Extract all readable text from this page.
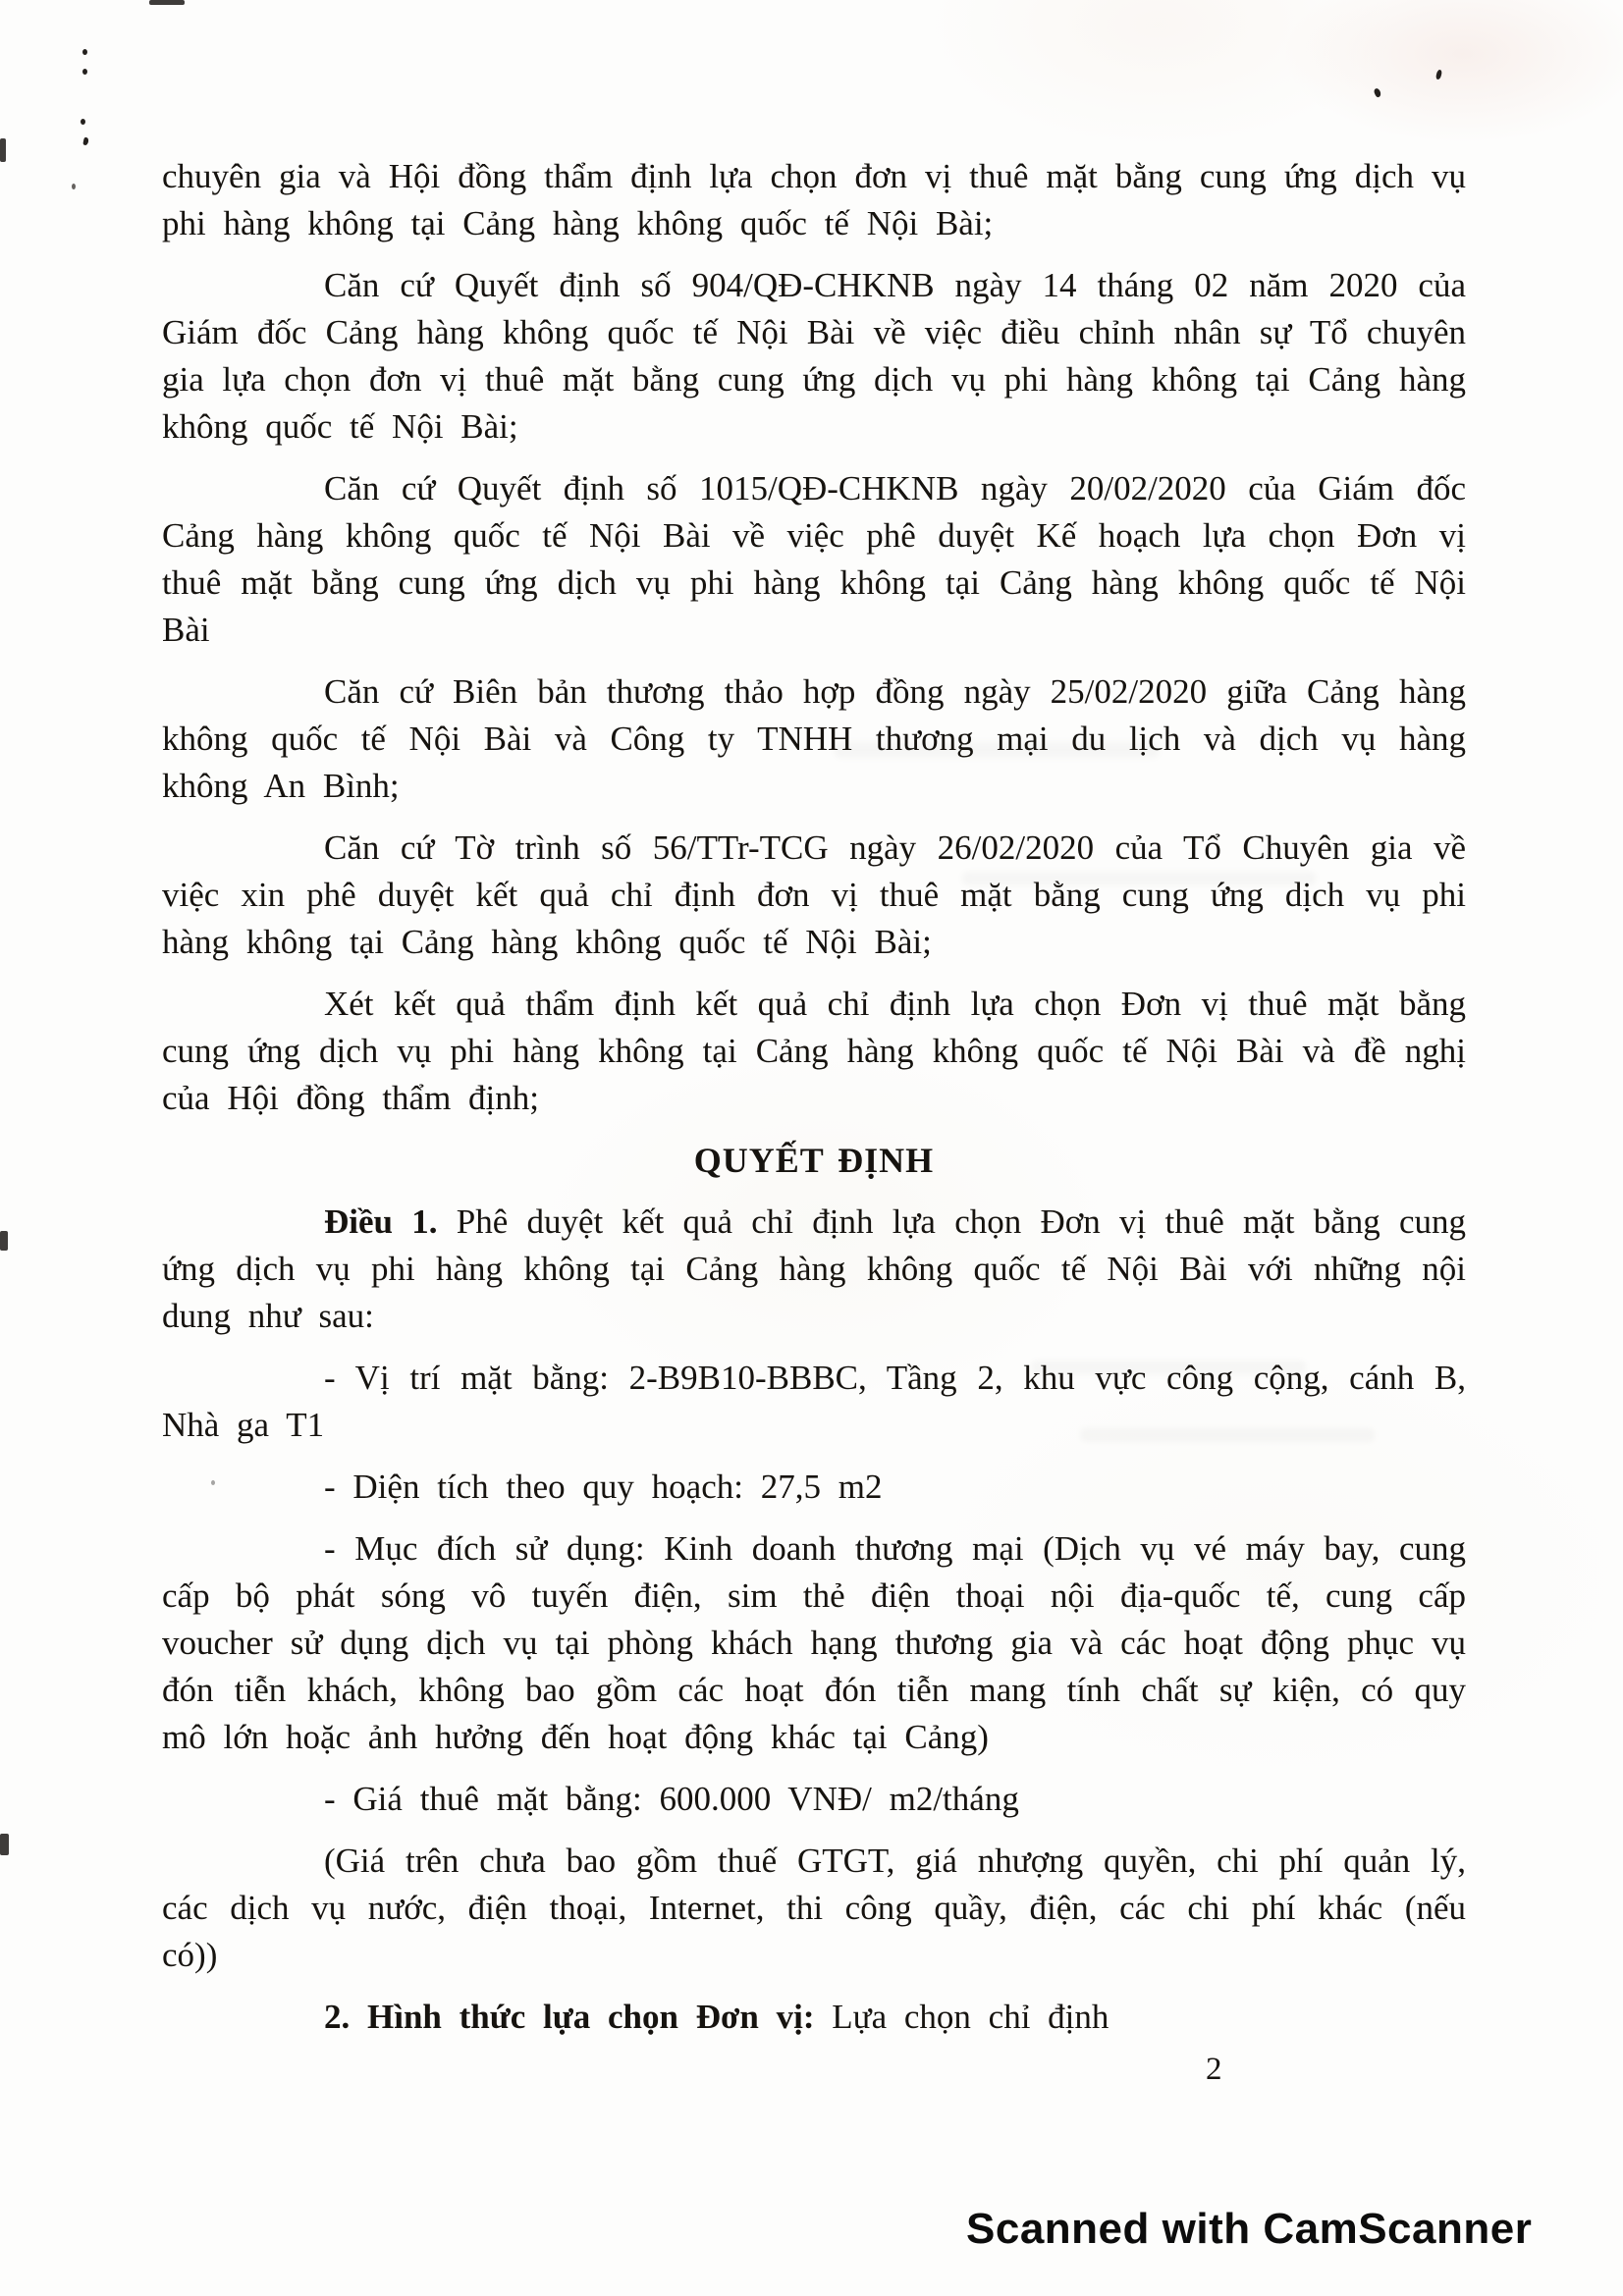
chuyên gia và Hội đồng thẩm định lựa chọn đơn vị thuê mặt bằng cung ứng dịch vụ phi hàng không tại Cảng hàng không quốc tế Nội Bài;

Căn cứ Quyết định số 904/QĐ-CHKNB ngày 14 tháng 02 năm 2020 của Giám đốc Cảng hàng không quốc tế Nội Bài về việc điều chỉnh nhân sự Tổ chuyên gia lựa chọn đơn vị thuê mặt bằng cung ứng dịch vụ phi hàng không tại Cảng hàng không quốc tế Nội Bài;

Căn cứ Quyết định số 1015/QĐ-CHKNB ngày 20/02/2020 của Giám đốc Cảng hàng không quốc tế Nội Bài về việc phê duyệt Kế hoạch lựa chọn Đơn vị thuê mặt bằng cung ứng dịch vụ phi hàng không tại Cảng hàng không quốc tế Nội Bài

Căn cứ Biên bản thương thảo hợp đồng ngày 25/02/2020 giữa Cảng hàng không quốc tế Nội Bài và Công ty TNHH thương mại du lịch và dịch vụ hàng không An Bình;

Căn cứ Tờ trình số 56/TTr-TCG ngày 26/02/2020 của Tổ Chuyên gia về việc xin phê duyệt kết quả chỉ định đơn vị thuê mặt bằng cung ứng dịch vụ phi hàng không tại Cảng hàng không quốc tế Nội Bài;

Xét kết quả thẩm định kết quả chỉ định lựa chọn Đơn vị thuê mặt bằng cung ứng dịch vụ phi hàng không tại Cảng hàng không quốc tế Nội Bài và đề nghị của Hội đồng thẩm định;

QUYẾT ĐỊNH

Điều 1. Phê duyệt kết quả chỉ định lựa chọn Đơn vị thuê mặt bằng cung ứng dịch vụ phi hàng không tại Cảng hàng không quốc tế Nội Bài với những nội dung như sau:

- Vị trí mặt bằng: 2-B9B10-BBBC, Tầng 2, khu vực công cộng, cánh B, Nhà ga T1

- Diện tích theo quy hoạch: 27,5 m2

- Mục đích sử dụng: Kinh doanh thương mại (Dịch vụ vé máy bay, cung cấp bộ phát sóng vô tuyến điện, sim thẻ điện thoại nội địa-quốc tế, cung cấp voucher sử dụng dịch vụ tại phòng khách hạng thương gia và các hoạt động phục vụ đón tiễn khách, không bao gồm các hoạt đón tiễn mang tính chất sự kiện, có quy mô lớn hoặc ảnh hưởng đến hoạt động khác tại Cảng)

- Giá thuê mặt bằng: 600.000 VNĐ/ m2/tháng

(Giá trên chưa bao gồm thuế GTGT, giá nhượng quyền, chi phí quản lý, các dịch vụ nước, điện thoại, Internet, thi công quầy, điện, các chi phí khác (nếu có))

2. Hình thức lựa chọn Đơn vị: Lựa chọn chỉ định

2
Scanned with CamScanner
